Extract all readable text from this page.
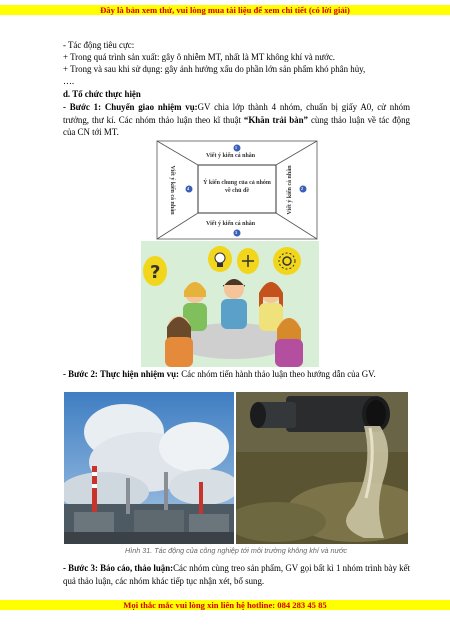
Đây là bản xem thử, vui lòng mua tài liệu để xem chi tiết (có lời giải)
- Tác động tiêu cực:
+ Trong quá trình sản xuất: gây ô nhiễm MT, nhất là MT không khí và nước.
+ Trong và sau khi sử dụng: gây ảnh hưởng xấu do phần lớn sản phẩm khó phân hủy,
….
d. Tổ chức thực hiện
- Bước 1: Chuyển giao nhiệm vụ:GV chia lớp thành 4 nhóm, chuẩn bị giấy A0, cử nhóm trưởng, thư kí. Các nhóm thảo luận theo kĩ thuật “Khăn trải bàn” cùng thảo luận về tác động của CN tới MT.
1
4	2
3
Viết ý kiến cá nhân
Viết ý kiến cá nhân
Viết ý kiến cá nhân	Viết ý kiến cá nhân
Ý kiến chung của cả nhóm về chủ đề
?
- Bước 2: Thực hiện nhiệm vụ: Các nhóm tiến hành thảo luận theo hướng dẫn của GV.
Hình 31. Tác động của công nghiệp tới môi trường không khí và nước
- Bước 3: Báo cáo, thảo luận:Các nhóm cùng treo sản phẩm, GV gọi bất kì 1 nhóm trình bày kết quả thảo luận, các nhóm khác tiếp tục nhận xét, bổ sung.
Mọi thắc mắc vui lòng xin liên hệ hotline: 084 283 45 85
